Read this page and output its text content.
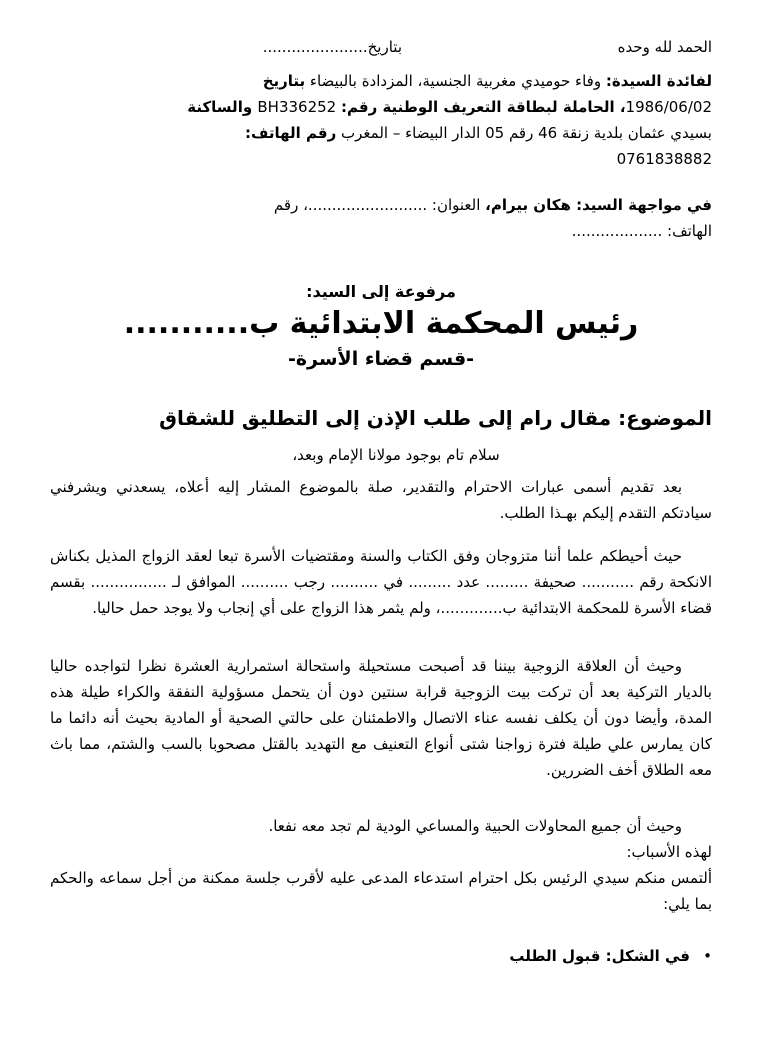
الحمد لله وحده
بتاريخ......................

لفائدة السيدة: وفاء حوميدي مغربية الجنسية، المزدادة بالبيضاء بتاريخ

1986/06/02، الحاملة لبطاقة التعريف الوطنية رقم: BH336252 والساكنة

بسيدي عثمان بلدية زنقة 46 رقم 05 الدار البيضاء – المغرب رقم الهاتف:

0761838882

في مواجهة السيد: هكان بيرام، العنوان: .........................، رقم

الهاتف: ...................

مرفوعة إلى السيد:
رئيس المحكمة الابتدائية ب...........
-قسم قضاء الأسرة-
الموضوع: مقال رام إلى طلب الإذن إلى التطليق للشقاق
سلام تام بوجود مولانا الإمام وبعد،

بعد تقديم أسمى عبارات الاحترام والتقدير، صلة بالموضوع المشار إليه أعلاه، يسعدني ويشرفني سيادتكم التقدم إليكم بهـذا الطلب.

حيث أحيطكم علما أننا متزوجان وفق الكتاب والسنة ومقتضيات الأسرة تبعا لعقد الزواج المذيل بكناش الانكحة رقم ........... صحيفة ......... عدد ......... في .......... رجب .......... الموافق لـ ................ بقسم قضاء الأسرة للمحكمة الابتدائية ب.............، ولم يثمر هذا الزواج على أي إنجاب ولا يوجد حمل حاليا.

وحيث أن العلاقة الزوجية بيننا قد أصبحت مستحيلة واستحالة استمرارية العشرة نظرا لتواجده حاليا بالديار التركية بعد أن تركت بيت الزوجية قرابة سنتين دون أن يتحمل مسؤولية النفقة والكراء طيلة هذه المدة، وأيضا دون أن يكلف نفسه عناء الاتصال والاطمئنان على حالتي الصحية أو المادية بحيث أنه دائما ما كان يمارس علي طيلة فترة زواجنا شتى أنواع التعنيف مع التهديد بالقتل مصحوبا بالسب والشتم، مما باث معه الطلاق أخف الضررين.

وحيث أن جميع المحاولات الحبية والمساعي الودية لم تجد معه نفعا.

لهذه الأسباب:

ألتمس منكم سيدي الرئيس بكل احترام استدعاء المدعى عليه لأقرب جلسة ممكنة من أجل سماعه والحكم بما يلي:

•
في الشكل: قبول الطلب
